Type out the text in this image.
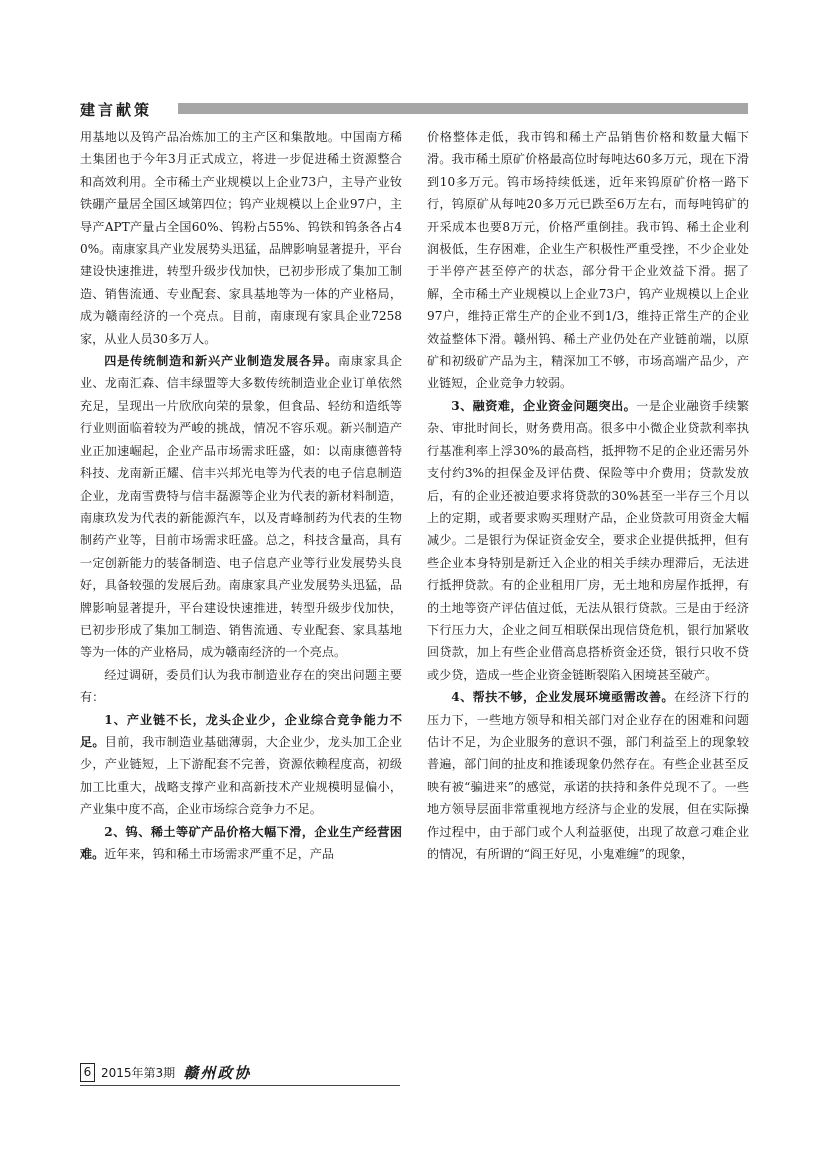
建言献策

用基地以及钨产品冶炼加工的主产区和集散地。中国南方稀土集团也于今年3月正式成立，将进一步促进稀土资源整合和高效利用。全市稀土产业规模以上企业73户，主导产业钕铁硼产量居全国区域第四位；钨产业规模以上企业97户，主导产APT产量占全国60%、钨粉占55%、钨铁和钨条各占40%。南康家具产业发展势头迅猛，品牌影响显著提升，平台建设快速推进，转型升级步伐加快，已初步形成了集加工制造、销售流通、专业配套、家具基地等为一体的产业格局，成为赣南经济的一个亮点。目前，南康现有家具企业7258家，从业人员30多万人。

四是传统制造和新兴产业制造发展各异。南康家具企业、龙南汇森、信丰绿盟等大多数传统制造业企业订单依然充足，呈现出一片欣欣向荣的景象，但食品、轻纺和造纸等行业则面临着较为严峻的挑战，情况不容乐观。新兴制造产业正加速崛起，企业产品市场需求旺盛，如：以南康德普特科技、龙南新正耀、信丰兴邦光电等为代表的电子信息制造企业，龙南雪费特与信丰磊源等企业为代表的新材料制造，南康玖发为代表的新能源汽车，以及青峰制药为代表的生物制药产业等，目前市场需求旺盛。总之，科技含量高，具有一定创新能力的装备制造、电子信息产业等行业发展势头良好，具备较强的发展后劲。南康家具产业发展势头迅猛，品牌影响显著提升，平台建设快速推进，转型升级步伐加快，已初步形成了集加工制造、销售流通、专业配套、家具基地等为一体的产业格局，成为赣南经济的一个亮点。

经过调研，委员们认为我市制造业存在的突出问题主要有：

1、产业链不长，龙头企业少，企业综合竞争能力不足。目前，我市制造业基础薄弱，大企业少，龙头加工企业少，产业链短，上下游配套不完善，资源依赖程度高，初级加工比重大，战略支撑产业和高新技术产业规模明显偏小，产业集中度不高，企业市场综合竞争力不足。

2、钨、稀土等矿产品价格大幅下滑，企业生产经营困难。近年来，钨和稀土市场需求严重不足，产品

价格整体走低，我市钨和稀土产品销售价格和数量大幅下滑。我市稀土原矿价格最高位时每吨达60多万元，现在下滑到10多万元。钨市场持续低迷，近年来钨原矿价格一路下行，钨原矿从每吨20多万元已跌至6万左右，而每吨钨矿的开采成本也要8万元，价格严重倒挂。我市钨、稀土企业利润极低，生存困难，企业生产积极性严重受挫，不少企业处于半停产甚至停产的状态，部分骨干企业效益下滑。据了解，全市稀土产业规模以上企业73户，钨产业规模以上企业97户，维持正常生产的企业不到1/3，维持正常生产的企业效益整体下滑。赣州钨、稀土产业仍处在产业链前端，以原矿和初级矿产品为主，精深加工不够，市场高端产品少，产业链短，企业竞争力较弱。

3、融资难，企业资金问题突出。一是企业融资手续繁杂、审批时间长，财务费用高。很多中小微企业贷款利率执行基准利率上浮30%的最高档，抵押物不足的企业还需另外支付约3%的担保金及评估费、保险等中介费用；贷款发放后，有的企业还被迫要求将贷款的30%甚至一半存三个月以上的定期，或者要求购买理财产品，企业贷款可用资金大幅减少。二是银行为保证资金安全，要求企业提供抵押，但有些企业本身特别是新迁入企业的相关手续办理滞后，无法进行抵押贷款。有的企业租用厂房，无土地和房屋作抵押，有的土地等资产评估值过低，无法从银行贷款。三是由于经济下行压力大，企业之间互相联保出现信贷危机，银行加紧收回贷款，加上有些企业借高息搭桥资金还贷，银行只收不贷或少贷，造成一些企业资金链断裂陷入困境甚至破产。

4、帮扶不够，企业发展环境亟需改善。在经济下行的压力下，一些地方领导和相关部门对企业存在的困难和问题估计不足，为企业服务的意识不强，部门利益至上的现象较普遍，部门间的扯皮和推诿现象仍然存在。有些企业甚至反映有被“骗进来”的感觉，承诺的扶持和条件兑现不了。一些地方领导层面非常重视地方经济与企业的发展，但在实际操作过程中，由于部门或个人利益驱使，出现了故意刁难企业的情况，有所谓的“阎王好见，小鬼难缠”的现象，

6 2015年第3期 赣州政协
